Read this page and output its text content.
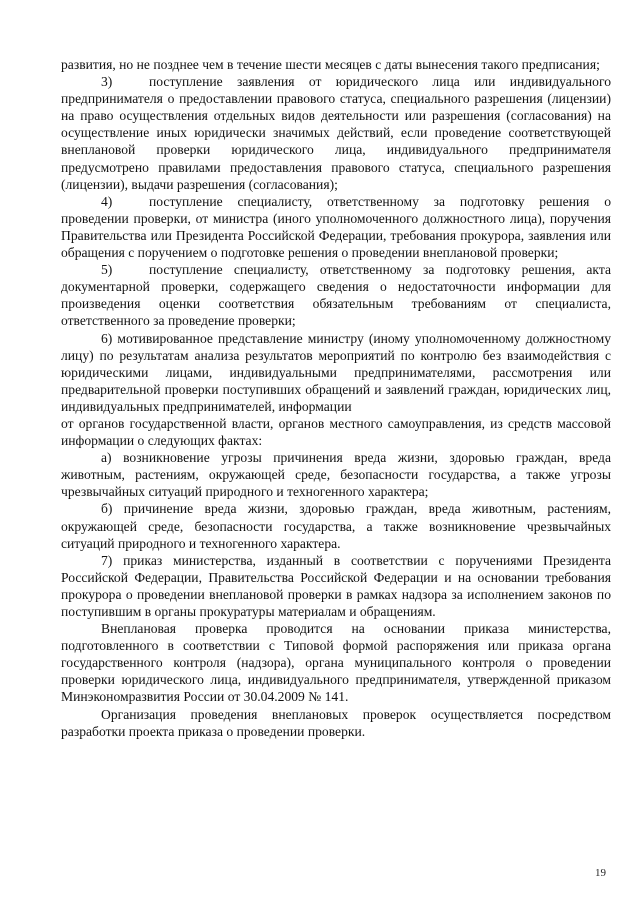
развития, но не позднее чем в течение шести месяцев с даты вынесения такого предписания;

3)	поступление заявления от юридического лица или индивидуального предпринимателя о предоставлении правового статуса, специального разрешения (лицензии) на право осуществления отдельных видов деятельности или разрешения (согласования) на осуществление иных юридически значимых действий, если проведение соответствующей внеплановой проверки юридического лица, индивидуального предпринимателя предусмотрено правилами предоставления правового статуса, специального разрешения (лицензии), выдачи разрешения (согласования);

4)	поступление специалисту, ответственному за подготовку решения о проведении проверки, от министра (иного уполномоченного должностного лица), поручения Правительства или Президента Российской Федерации, требования прокурора, заявления или обращения с поручением о подготовке решения о проведении внеплановой проверки;

5)	поступление специалисту, ответственному за подготовку решения, акта документарной проверки, содержащего сведения о недостаточности информации для произведения оценки соответствия обязательным требованиям от специалиста, ответственного за проведение проверки;

6) мотивированное представление министру (иному уполномоченному должностному лицу) по результатам анализа результатов мероприятий по контролю без взаимодействия с юридическими лицами, индивидуальными предпринимателями, рассмотрения или предварительной проверки поступивших обращений и заявлений граждан, юридических лиц, индивидуальных предпринимателей, информации

от органов государственной власти, органов местного самоуправления, из средств массовой информации о следующих фактах:

а) возникновение угрозы причинения вреда жизни, здоровью граждан, вреда животным, растениям, окружающей среде, безопасности государства, а также угрозы чрезвычайных ситуаций природного и техногенного характера;

б) причинение вреда жизни, здоровью граждан, вреда животным, растениям, окружающей среде, безопасности государства, а также возникновение чрезвычайных ситуаций природного и техногенного характера.

7) приказ министерства, изданный в соответствии с поручениями Президента Российской Федерации, Правительства Российской Федерации и на основании требования прокурора о проведении внеплановой проверки в рамках надзора за исполнением законов по поступившим в органы прокуратуры материалам и обращениям.

Внеплановая проверка проводится на основании приказа министерства, подготовленного в соответствии с Типовой формой распоряжения или приказа органа государственного контроля (надзора), органа муниципального контроля о проведении проверки юридического лица, индивидуального предпринимателя, утвержденной приказом Минэкономразвития России от 30.04.2009 № 141.

Организация проведения внеплановых проверок осуществляется посредством разработки проекта приказа о проведении проверки.

19
